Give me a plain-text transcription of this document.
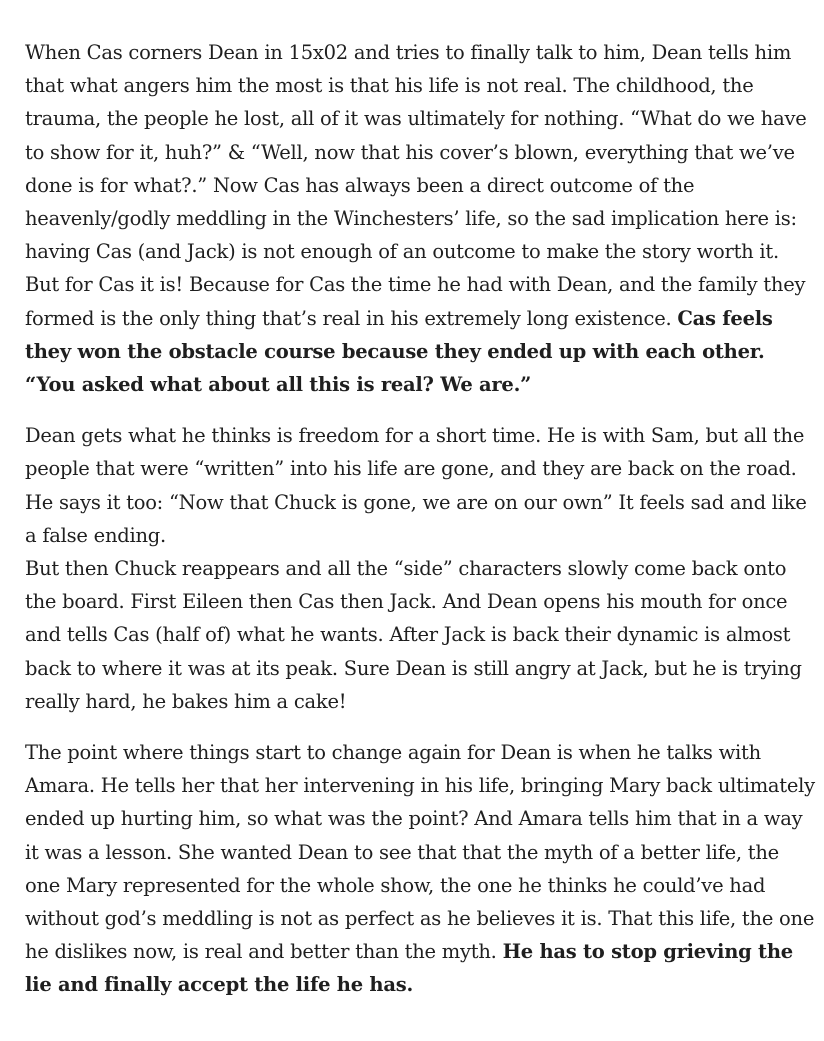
When Cas corners Dean in 15x02 and tries to finally talk to him, Dean tells him that what angers him the most is that his life is not real. The childhood, the trauma, the people he lost, all of it was ultimately for nothing. “What do we have to show for it, huh?” & “Well, now that his cover’s blown, everything that we’ve done is for what?.” Now Cas has always been a direct outcome of the heavenly/godly meddling in the Winchesters’ life, so the sad implication here is: having Cas (and Jack) is not enough of an outcome to make the story worth it. But for Cas it is! Because for Cas the time he had with Dean, and the family they formed is the only thing that’s real in his extremely long existence. Cas feels they won the obstacle course because they ended up with each other. “You asked what about all this is real? We are.”

Dean gets what he thinks is freedom for a short time. He is with Sam, but all the people that were “written” into his life are gone, and they are back on the road. He says it too: “Now that Chuck is gone, we are on our own” It feels sad and like a false ending.

But then Chuck reappears and all the “side” characters slowly come back onto the board. First Eileen then Cas then Jack. And Dean opens his mouth for once and tells Cas (half of) what he wants. After Jack is back their dynamic is almost back to where it was at its peak. Sure Dean is still angry at Jack, but he is trying really hard, he bakes him a cake!

The point where things start to change again for Dean is when he talks with Amara. He tells her that her intervening in his life, bringing Mary back ultimately ended up hurting him, so what was the point? And Amara tells him that in a way it was a lesson. She wanted Dean to see that that the myth of a better life, the one Mary represented for the whole show, the one he thinks he could’ve had without god’s meddling is not as perfect as he believes it is. That this life, the one he dislikes now, is real and better than the myth. He has to stop grieving the lie and finally accept the life he has.
